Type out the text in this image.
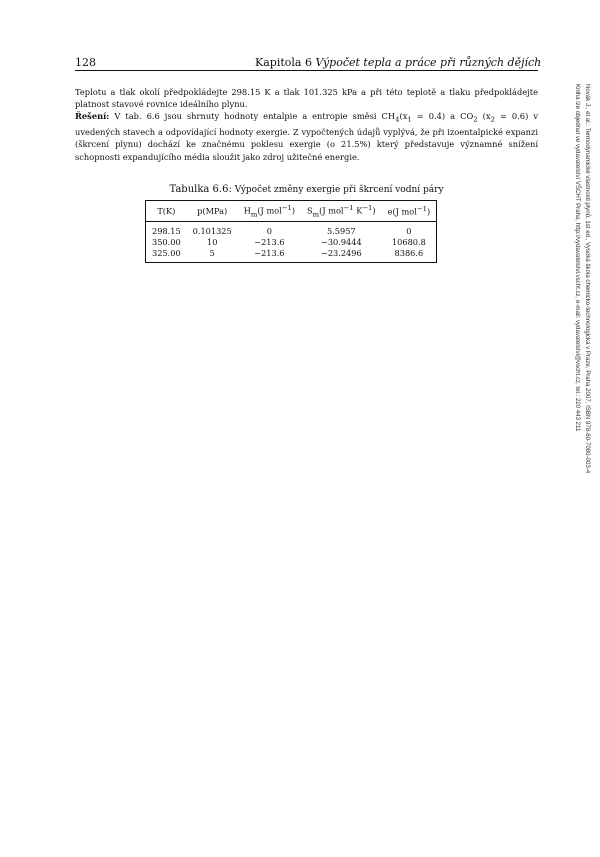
128	Kapitola 6 Výpočet tepla a práce při různých dějích

Teplotu a tlak okolí předpokládejte 298.15 K a tlak 101.325 kPa a při této teplotě a tlaku předpokládejte platnost stavové rovnice ideálního plynu.

Řešení: V tab. 6.6 jsou shrnuty hodnoty entalpie a entropie směsi $CH_4(x_1 = 0.4)$ a $CO_2$ $(x_2 = 0.6)$ v uvedených stavech a odpovídající hodnoty exergie. Z vypočtených údajů vyplývá, že při izoentalpické expanzi (škrcení plynu) dochází ke značnému poklesu exergie (o 21.5%) který představuje významné snížení schopnosti expandujícího média sloužit jako zdroj užitečné energie.

Tabulka 6.6: Výpočet změny exergie při škrcení vodní páry
T(K)	p(MPa)	$H_m(J$ mol$^{-1}$)	$S_m(J$ mol$^{-1}$ $K^{-1}$)	e(J mol$^{-1}$)
298.15	0.101325	0	5.5957	0
350.00	10	−213.6	−30.9444	10680.8
325.00	5	−213.6	−23.2496	8386.6	Novák J., et al.: Termodynamické vlastnosti plynů, 1st ed., Vysoká škola chemicko-technologická v Praze, Praha 2007, ISBN 978-80-7080-003-4
Kniha lze objednat ve vydavatelství VŠCHT Praha, http://vydavatelstvi.vscht.cz, e-mail: vydavatelstvi@vscht.cz, tel.: 220 443 211
